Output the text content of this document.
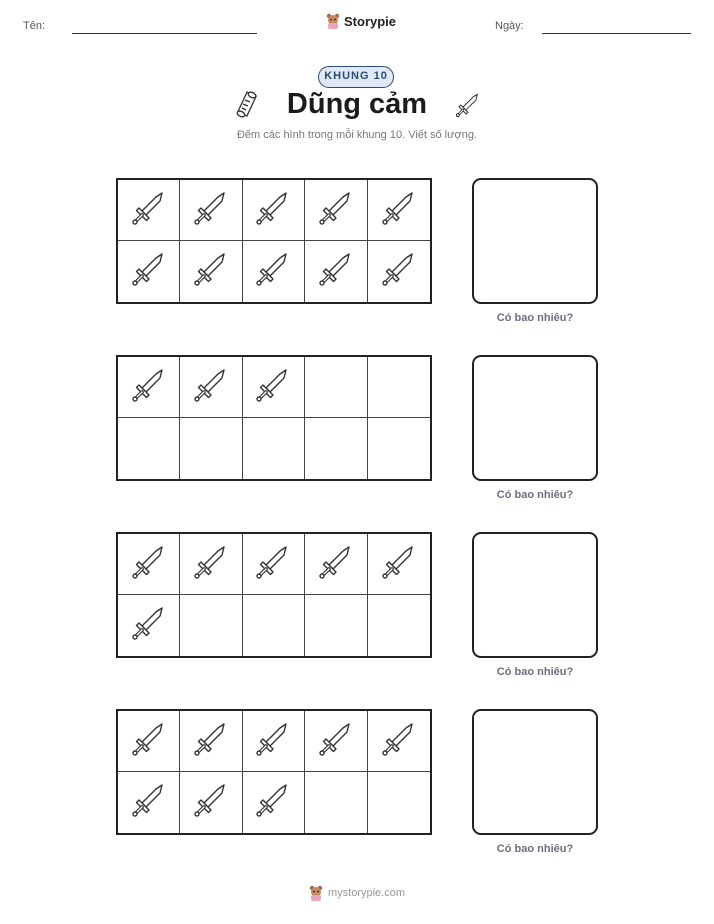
Tên:	Storypie	Ngày:
KHUNG 10
Dũng cảm
Đếm các hình trong mỗi khung 10. Viết số lượng.
Có bao nhiêu?
Có bao nhiêu?
Có bao nhiêu?
Có bao nhiêu?
mystorypie.com
